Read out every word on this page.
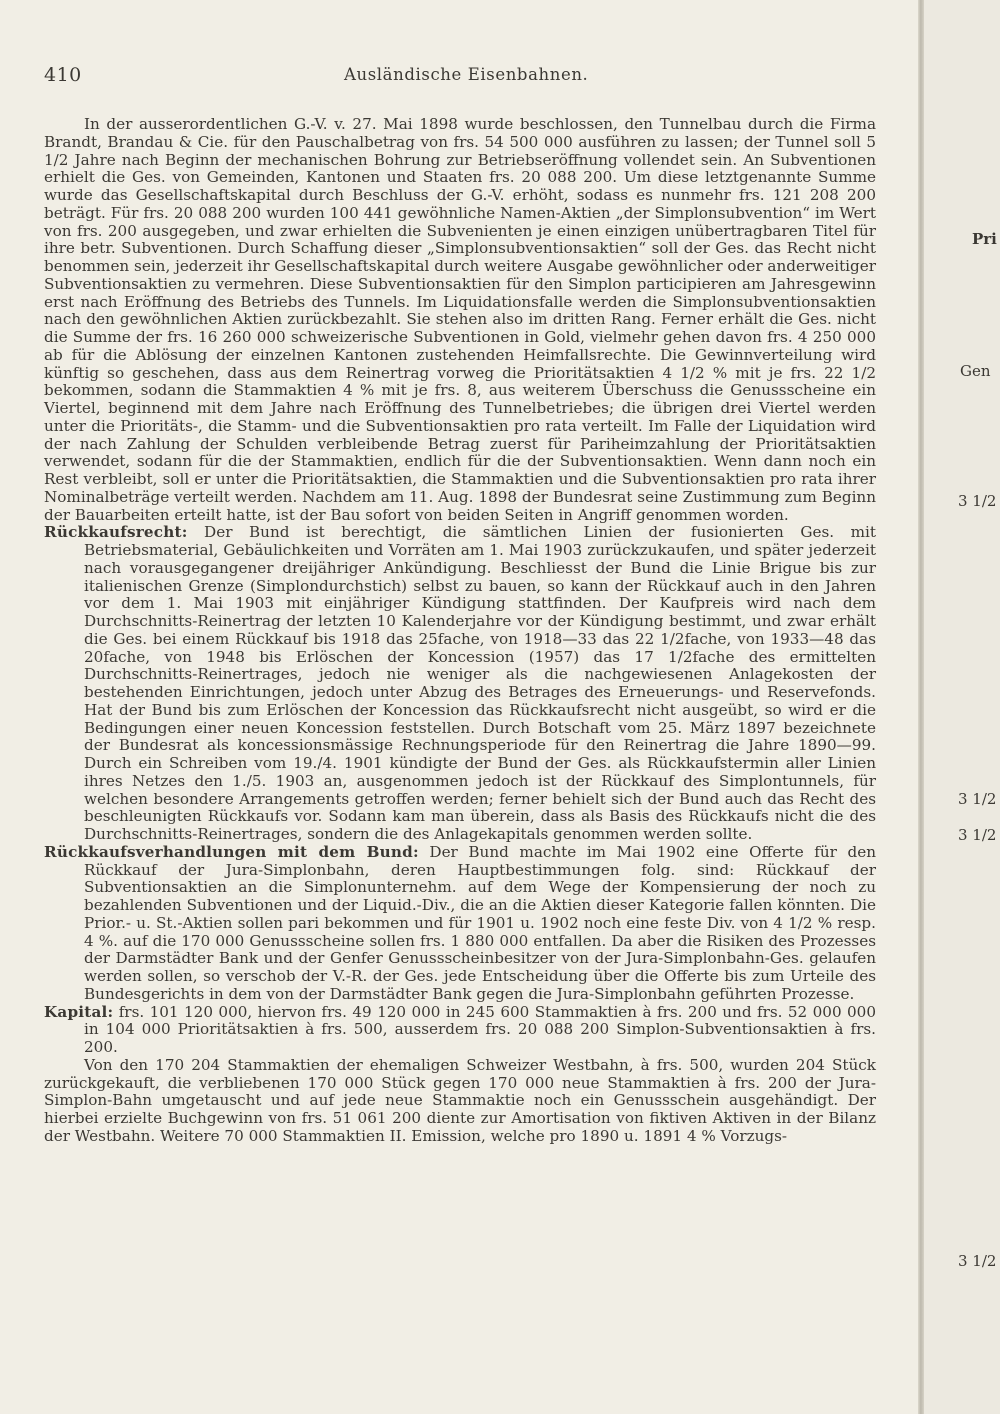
410	Ausländische Eisenbahnen.

In der ausserordentlichen G.-V. v. 27. Mai 1898 wurde beschlossen, den Tunnelbau durch die Firma Brandt, Brandau & Cie. für den Pauschalbetrag von frs. 54 500 000 ausführen zu lassen; der Tunnel soll 5 1/2 Jahre nach Beginn der mechanischen Bohrung zur Betriebseröffnung vollendet sein. An Subventionen erhielt die Ges. von Gemeinden, Kantonen und Staaten frs. 20 088 200. Um diese letztgenannte Summe wurde das Gesellschaftskapital durch Beschluss der G.-V. erhöht, sodass es nunmehr frs. 121 208 200 beträgt. Für frs. 20 088 200 wurden 100 441 gewöhnliche Namen-Aktien „der Simplonsubvention“ im Wert von frs. 200 ausgegeben, und zwar erhielten die Subvenienten je einen einzigen unübertragbaren Titel für ihre betr. Subventionen. Durch Schaffung dieser „Simplonsubventionsaktien“ soll der Ges. das Recht nicht benommen sein, jederzeit ihr Gesellschaftskapital durch weitere Ausgabe gewöhnlicher oder anderweitiger Subventionsaktien zu vermehren. Diese Subventionsaktien für den Simplon participieren am Jahresgewinn erst nach Eröffnung des Betriebs des Tunnels. Im Liquidationsfalle werden die Simplonsubventionsaktien nach den gewöhnlichen Aktien zurückbezahlt. Sie stehen also im dritten Rang. Ferner erhält die Ges. nicht die Summe der frs. 16 260 000 schweizerische Subventionen in Gold, vielmehr gehen davon frs. 4 250 000 ab für die Ablösung der einzelnen Kantonen zustehenden Heimfallsrechte. Die Gewinnverteilung wird künftig so geschehen, dass aus dem Reinertrag vorweg die Prioritätsaktien 4 1/2 % mit je frs. 22 1/2 bekommen, sodann die Stammaktien 4 % mit je frs. 8, aus weiterem Überschuss die Genussscheine ein Viertel, beginnend mit dem Jahre nach Eröffnung des Tunnelbetriebes; die übrigen drei Viertel werden unter die Prioritäts-, die Stamm- und die Subventionsaktien pro rata verteilt. Im Falle der Liquidation wird der nach Zahlung der Schulden verbleibende Betrag zuerst für Pariheimzahlung der Prioritätsaktien verwendet, sodann für die der Stammaktien, endlich für die der Subventionsaktien. Wenn dann noch ein Rest verbleibt, soll er unter die Prioritätsaktien, die Stammaktien und die Subventionsaktien pro rata ihrer Nominalbeträge verteilt werden. Nachdem am 11. Aug. 1898 der Bundesrat seine Zustimmung zum Beginn der Bauarbeiten erteilt hatte, ist der Bau sofort von beiden Seiten in Angriff genommen worden.

Rückkaufsrecht: Der Bund ist berechtigt, die sämtlichen Linien der fusionierten Ges. mit Betriebsmaterial, Gebäulichkeiten und Vorräten am 1. Mai 1903 zurückzukaufen, und später jederzeit nach vorausgegangener dreijähriger Ankündigung. Beschliesst der Bund die Linie Brigue bis zur italienischen Grenze (Simplondurchstich) selbst zu bauen, so kann der Rückkauf auch in den Jahren vor dem 1. Mai 1903 mit einjähriger Kündigung stattfinden. Der Kaufpreis wird nach dem Durchschnitts-Reinertrag der letzten 10 Kalenderjahre vor der Kündigung bestimmt, und zwar erhält die Ges. bei einem Rückkauf bis 1918 das 25fache, von 1918—33 das 22 1/2fache, von 1933—48 das 20fache, von 1948 bis Erlöschen der Koncession (1957) das 17 1/2fache des ermittelten Durchschnitts-Reinertrages, jedoch nie weniger als die nachgewiesenen Anlagekosten der bestehenden Einrichtungen, jedoch unter Abzug des Betrages des Erneuerungs- und Reservefonds. Hat der Bund bis zum Erlöschen der Koncession das Rückkaufsrecht nicht ausgeübt, so wird er die Bedingungen einer neuen Koncession feststellen. Durch Botschaft vom 25. März 1897 bezeichnete der Bundesrat als koncessionsmässige Rechnungsperiode für den Reinertrag die Jahre 1890—99. Durch ein Schreiben vom 19./4. 1901 kündigte der Bund der Ges. als Rückkaufstermin aller Linien ihres Netzes den 1./5. 1903 an, ausgenommen jedoch ist der Rückkauf des Simplontunnels, für welchen besondere Arrangements getroffen werden; ferner behielt sich der Bund auch das Recht des beschleunigten Rückkaufs vor. Sodann kam man überein, dass als Basis des Rückkaufs nicht die des Durchschnitts-Reinertrages, sondern die des Anlagekapitals genommen werden sollte.

Rückkaufsverhandlungen mit dem Bund: Der Bund machte im Mai 1902 eine Offerte für den Rückkauf der Jura-Simplonbahn, deren Hauptbestimmungen folg. sind: Rückkauf der Subventionsaktien an die Simplonunternehm. auf dem Wege der Kompensierung der noch zu bezahlenden Subventionen und der Liquid.-Div., die an die Aktien dieser Kategorie fallen könnten. Die Prior.- u. St.-Aktien sollen pari bekommen und für 1901 u. 1902 noch eine feste Div. von 4 1/2 % resp. 4 %. auf die 170 000 Genussscheine sollen frs. 1 880 000 entfallen. Da aber die Risiken des Prozesses der Darmstädter Bank und der Genfer Genussscheinbesitzer von der Jura-Simplonbahn-Ges. gelaufen werden sollen, so verschob der V.-R. der Ges. jede Entscheidung über die Offerte bis zum Urteile des Bundesgerichts in dem von der Darmstädter Bank gegen die Jura-Simplonbahn geführten Prozesse.

Kapital: frs. 101 120 000, hiervon frs. 49 120 000 in 245 600 Stammaktien à frs. 200 und frs. 52 000 000 in 104 000 Prioritätsaktien à frs. 500, ausserdem frs. 20 088 200 Simplon-Subventionsaktien à frs. 200.

Von den 170 204 Stammaktien der ehemaligen Schweizer Westbahn, à frs. 500, wurden 204 Stück zurückgekauft, die verbliebenen 170 000 Stück gegen 170 000 neue Stammaktien à frs. 200 der Jura-Simplon-Bahn umgetauscht und auf jede neue Stammaktie noch ein Genussschein ausgehändigt. Der hierbei erzielte Buchgewinn von frs. 51 061 200 diente zur Amortisation von fiktiven Aktiven in der Bilanz der Westbahn. Weitere 70 000 Stammaktien II. Emission, welche pro 1890 u. 1891 4 % Vorzugs-

Pri
Gen
3 1/2
3 1/2
3 1/2
3 1/2
